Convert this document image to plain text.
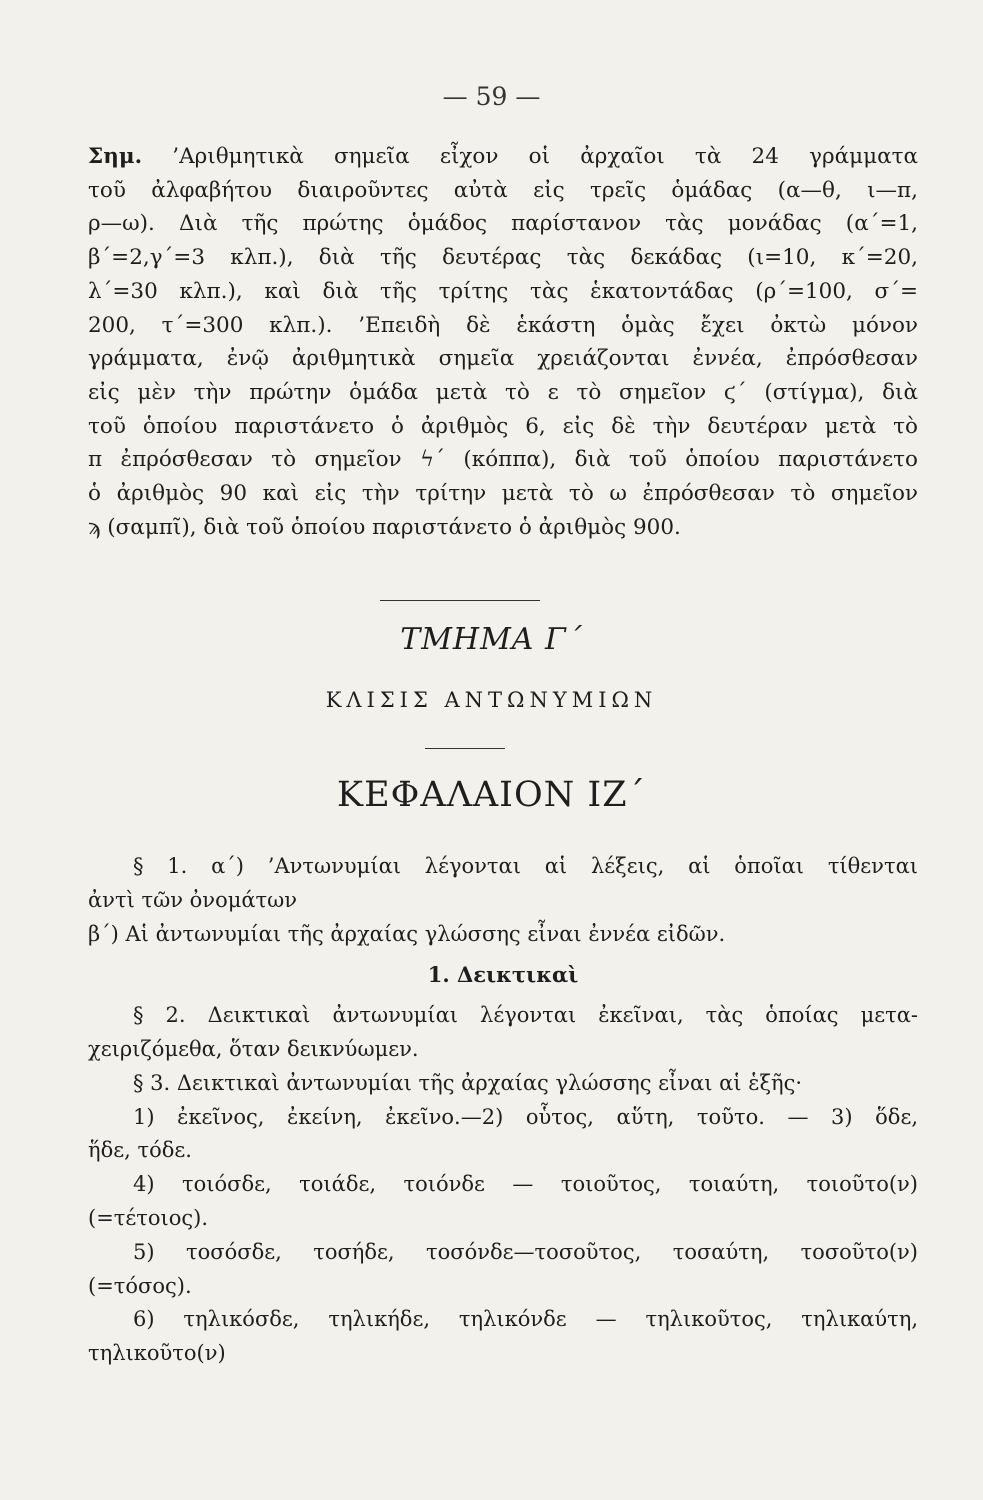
— 59 —
Σημ. ’Αριθμητικὰ σημεῖα εἶχον οἱ ἀρχαῖοι τὰ 24 γράμματα
τοῦ ἀλφαβήτου διαιροῦντες αὐτὰ εἰς τρεῖς ὁμάδας (α—θ, ι—π,
ρ—ω). Διὰ τῆς πρώτης ὁμάδος παρίστανον τὰς μονάδας (α΄=1,
β΄=2,γ΄=3 κλπ.), διὰ τῆς δευτέρας τὰς δεκάδας (ι=10, κ΄=20,
λ΄=30 κλπ.), καὶ διὰ τῆς τρίτης τὰς ἑκατοντάδας (ρ΄=100, σ΄=
200, τ΄=300 κλπ.). ’Επειδὴ δὲ ἑκάστη ὁμὰς ἔχει ὀκτὼ μόνον
γράμματα, ἐνῷ ἀριθμητικὰ σημεῖα χρειάζονται ἐννέα, ἐπρόσθεσαν
εἰς μὲν τὴν πρώτην ὁμάδα μετὰ τὸ ε τὸ σημεῖον ϛ΄ (στίγμα), διὰ
τοῦ ὁποίου παριστάνετο ὁ ἀριθμὸς 6, εἰς δὲ τὴν δευτέραν μετὰ τὸ
π ἐπρόσθεσαν τὸ σημεῖον ϟ΄ (κόππα), διὰ τοῦ ὁποίου παριστάνετο
ὁ ἀριθμὸς 90 καὶ εἰς τὴν τρίτην μετὰ τὸ ω ἐπρόσθεσαν τὸ σημεῖον
ϡ (σαμπῖ), διὰ τοῦ ὁποίου παριστάνετο ὁ ἀριθμὸς 900.
ΤΜΗΜΑ Γ΄
ΚΛΙΣΙΣ ΑΝΤΩΝΥΜΙΩΝ
ΚΕΦΑΛΑΙΟΝ ΙΖ΄

§ 1. α΄) ’Αντωνυμίαι λέγονται αἱ λέξεις, αἱ ὁποῖαι τίθενται

ἀντὶ τῶν ὀνομάτων

β΄) Αἱ ἀντωνυμίαι τῆς ἀρχαίας γλώσσης εἶναι ἐννέα εἰδῶν.

1. Δεικτικαὶ

§ 2. Δεικτικαὶ ἀντωνυμίαι λέγονται ἐκεῖναι, τὰς ὁποίας μετα-

χειριζόμεθα, ὅταν δεικνύωμεν.

§ 3. Δεικτικαὶ ἀντωνυμίαι τῆς ἀρχαίας γλώσσης εἶναι αἱ ἑξῆς·

1) ἐκεῖνος, ἐκείνη, ἐκεῖνο.—2) οὗτος, αὕτη, τοῦτο. — 3) ὅδε,

ἥδε, τόδε.

4) τοιόσδε, τοιάδε, τοιόνδε — τοιοῦτος, τοιαύτη, τοιοῦτο(ν)

(=τέτοιος).

5) τοσόσδε, τοσήδε, τοσόνδε—τοσοῦτος, τοσαύτη, τοσοῦτο(ν)

(=τόσος).

6) τηλικόσδε, τηλικήδε, τηλικόνδε — τηλικοῦτος, τηλικαύτη,

τηλικοῦτο(ν)
